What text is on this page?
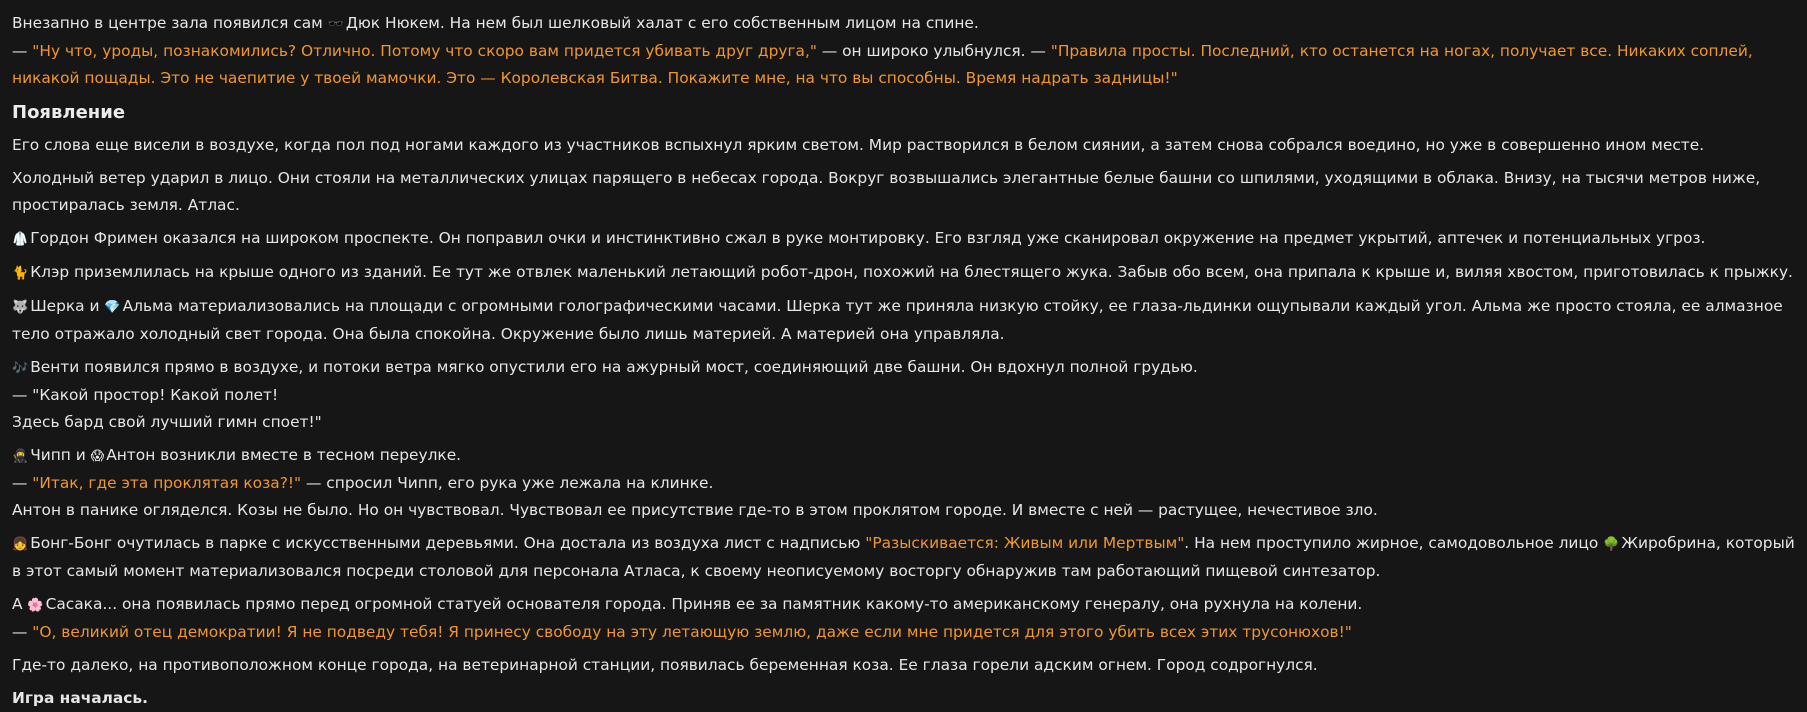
Внезапно в центре зала появился сам 🕶️ Дюк Нюкем. На нем был шелковый халат с его собственным лицом на спине.
— "Ну что, уроды, познакомились? Отлично. Потому что скоро вам придется убивать друг друга," — он широко улыбнулся. — "Правила просты. Последний, кто останется на ногах, получает все. Никаких соплей, никакой пощады. Это не чаепитие у твоей мамочки. Это — Королевская Битва. Покажите мне, на что вы способны. Время надрать задницы!"
Появление
Его слова еще висели в воздухе, когда пол под ногами каждого из участников вспыхнул ярким светом. Мир растворился в белом сиянии, а затем снова собрался воедино, но уже в совершенно ином месте.
Холодный ветер ударил в лицо. Они стояли на металлических улицах парящего в небесах города. Вокруг возвышались элегантные белые башни со шпилями, уходящими в облака. Внизу, на тысячи метров ниже, простиралась земля. Атлас.
🥼 Гордон Фримен оказался на широком проспекте. Он поправил очки и инстинктивно сжал в руке монтировку. Его взгляд уже сканировал окружение на предмет укрытий, аптечек и потенциальных угроз.
🐈 Клэр приземлилась на крыше одного из зданий. Ее тут же отвлек маленький летающий робот-дрон, похожий на блестящего жука. Забыв обо всем, она припала к крыше и, виляя хвостом, приготовилась к прыжку.
🐺 Шерка и 💎 Альма материализовались на площади с огромными голографическими часами. Шерка тут же приняла низкую стойку, ее глаза-льдинки ощупывали каждый угол. Альма же просто стояла, ее алмазное тело отражало холодный свет города. Она была спокойна. Окружение было лишь материей. А материей она управляла.
🎶 Венти появился прямо в воздухе, и потоки ветра мягко опустили его на ажурный мост, соединяющий две башни. Он вдохнул полной грудью.
— "Какой простор! Какой полет!
Здесь бард свой лучший гимн споет!"
🥷 Чипп и 😱 Антон возникли вместе в тесном переулке.
— "Итак, где эта проклятая коза?!" — спросил Чипп, его рука уже лежала на клинке.
Антон в панике огляделся. Козы не было. Но он чувствовал. Чувствовал ее присутствие где-то в этом проклятом городе. И вместе с ней — растущее, нечестивое зло.
👧 Бонг-Бонг очутилась в парке с искусственными деревьями. Она достала из воздуха лист с надписью "Разыскивается: Живым или Мертвым". На нем проступило жирное, самодовольное лицо 🌳 Жиробрина, который в этот самый момент материализовался посреди столовой для персонала Атласа, к своему неописуемому восторгу обнаружив там работающий пищевой синтезатор.
А 🌸 Сасака... она появилась прямо перед огромной статуей основателя города. Приняв ее за памятник какому-то американскому генералу, она рухнула на колени.
— "О, великий отец демократии! Я не подведу тебя! Я принесу свободу на эту летающую землю, даже если мне придется для этого убить всех этих трусонюхов!"
Где-то далеко, на противоположном конце города, на ветеринарной станции, появилась беременная коза. Ее глаза горели адским огнем. Город содрогнулся.
Игра началась.
